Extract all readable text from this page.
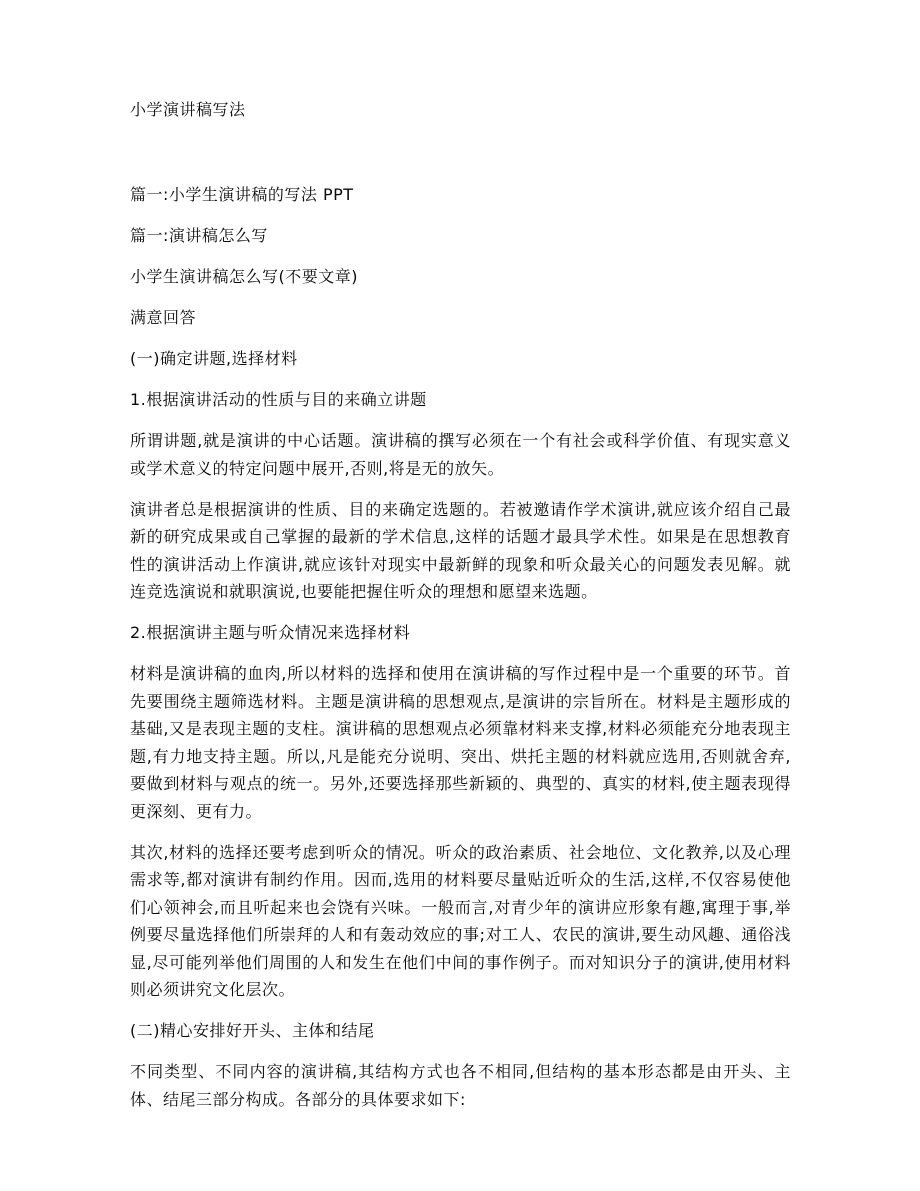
小学演讲稿写法

篇一:小学生演讲稿的写法 PPT

篇一:演讲稿怎么写

小学生演讲稿怎么写(不要文章)

满意回答

(一)确定讲题,选择材料

1.根据演讲活动的性质与目的来确立讲题

所谓讲题,就是演讲的中心话题。演讲稿的撰写必须在一个有社会或科学价值、有现实意义或学术意义的特定问题中展开,否则,将是无的放矢。

演讲者总是根据演讲的性质、目的来确定选题的。若被邀请作学术演讲,就应该介绍自己最新的研究成果或自己掌握的最新的学术信息,这样的话题才最具学术性。如果是在思想教育性的演讲活动上作演讲,就应该针对现实中最新鲜的现象和听众最关心的问题发表见解。就连竞选演说和就职演说,也要能把握住听众的理想和愿望来选题。

2.根据演讲主题与听众情况来选择材料

材料是演讲稿的血肉,所以材料的选择和使用在演讲稿的写作过程中是一个重要的环节。首先要围绕主题筛选材料。主题是演讲稿的思想观点,是演讲的宗旨所在。材料是主题形成的基础,又是表现主题的支柱。演讲稿的思想观点必须靠材料来支撑,材料必须能充分地表现主题,有力地支持主题。所以,凡是能充分说明、突出、烘托主题的材料就应选用,否则就舍弃,要做到材料与观点的统一。另外,还要选择那些新颖的、典型的、真实的材料,使主题表现得更深刻、更有力。

其次,材料的选择还要考虑到听众的情况。听众的政治素质、社会地位、文化教养,以及心理需求等,都对演讲有制约作用。因而,选用的材料要尽量贴近听众的生活,这样,不仅容易使他们心领神会,而且听起来也会饶有兴味。一般而言,对青少年的演讲应形象有趣,寓理于事,举例要尽量选择他们所崇拜的人和有轰动效应的事;对工人、农民的演讲,要生动风趣、通俗浅显,尽可能列举他们周围的人和发生在他们中间的事作例子。而对知识分子的演讲,使用材料则必须讲究文化层次。

(二)精心安排好开头、主体和结尾

不同类型、不同内容的演讲稿,其结构方式也各不相同,但结构的基本形态都是由开头、主体、结尾三部分构成。各部分的具体要求如下:
